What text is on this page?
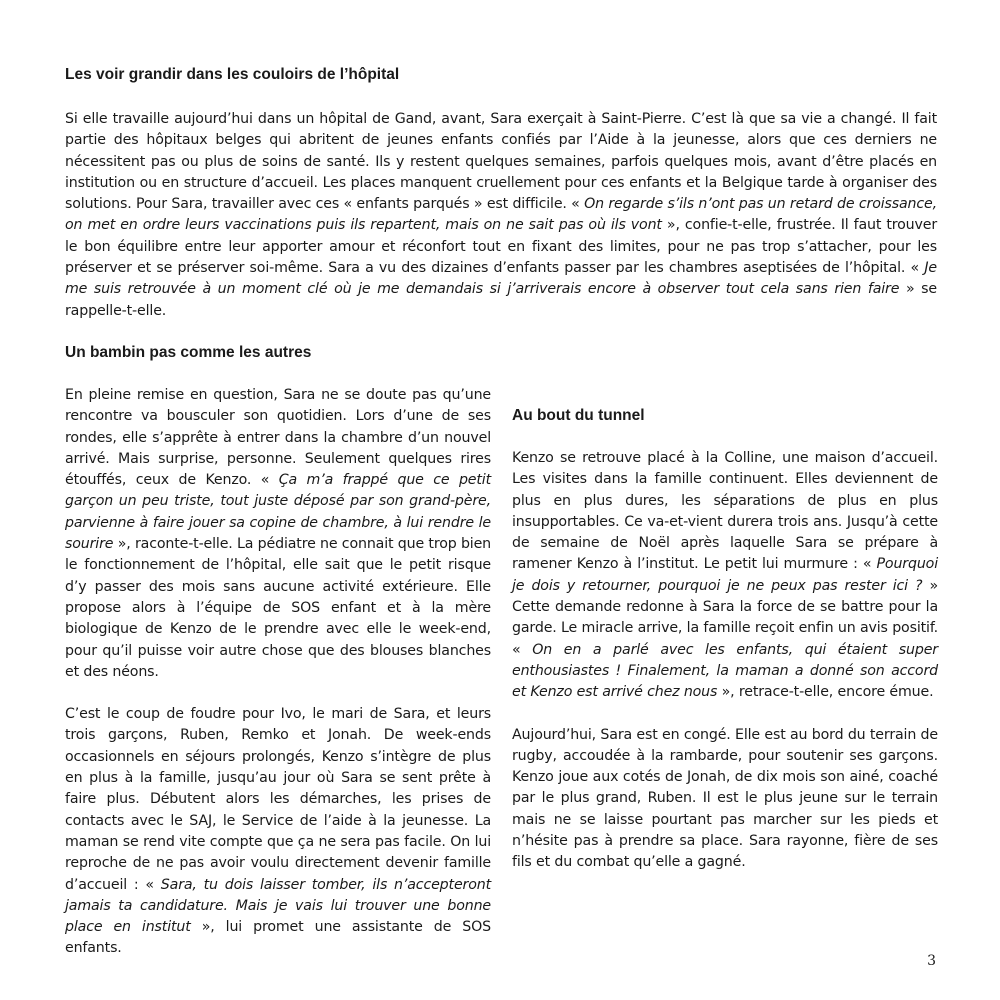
Les voir grandir dans les couloirs de l’hôpital

Si elle travaille aujourd’hui dans un hôpital de Gand, avant, Sara exerçait à Saint-Pierre. C’est là que sa vie a changé. Il fait partie des hôpitaux belges qui abritent de jeunes enfants confiés par l’Aide à la jeunesse, alors que ces derniers ne nécessitent pas ou plus de soins de santé. Ils y restent quelques semaines, parfois quelques mois, avant d’être placés en institution ou en structure d’accueil. Les places manquent cruellement pour ces enfants et la Belgique tarde à organiser des solutions. Pour Sara, travailler avec ces « enfants parqués » est difficile. « On regarde s’ils n’ont pas un retard de croissance, on met en ordre leurs vaccinations puis ils repartent, mais on ne sait pas où ils vont », confie-t-elle, frustrée. Il faut trouver le bon équilibre entre leur apporter amour et réconfort tout en fixant des limites, pour ne pas trop s’attacher, pour les préserver et se préserver soi-même. Sara a vu des dizaines d’enfants passer par les chambres aseptisées de l’hôpital. « Je me suis retrouvée à un moment clé où je me demandais si j’arriverais encore à observer tout cela sans rien faire » se rappelle-t-elle.

Un bambin pas comme les autres

En pleine remise en question, Sara ne se doute pas qu’une rencontre va bousculer son quotidien. Lors d’une de ses rondes, elle s’apprête à entrer dans la chambre d’un nouvel arrivé. Mais surprise, personne. Seulement quelques rires étouffés, ceux de Kenzo. « Ça m’a frappé que ce petit garçon un peu triste, tout juste déposé par son grand-père, parvienne à faire jouer sa copine de chambre, à lui rendre le sourire », raconte-t-elle. La pédiatre ne connait que trop bien le fonctionnement de l’hôpital, elle sait que le petit risque d’y passer des mois sans aucune activité extérieure. Elle propose alors à l’équipe de SOS enfant et à la mère biologique de Kenzo de le prendre avec elle le week-end, pour qu’il puisse voir autre chose que des blouses blanches et des néons.

C’est le coup de foudre pour Ivo, le mari de Sara, et leurs trois garçons, Ruben, Remko et Jonah. De week-ends occasionnels en séjours prolongés, Kenzo s’intègre de plus en plus à la famille, jusqu’au jour où Sara se sent prête à faire plus. Débutent alors les démarches, les prises de contacts avec le SAJ, le Service de l’aide à la jeunesse. La maman se rend vite compte que ça ne sera pas facile. On lui reproche de ne pas avoir voulu directement devenir famille d’accueil : « Sara, tu dois laisser tomber, ils n’accepteront jamais ta candidature. Mais je vais lui trouver une bonne place en institut », lui promet une assistante de SOS enfants.

Au bout du tunnel

Kenzo se retrouve placé à la Colline, une maison d’accueil. Les visites dans la famille continuent. Elles deviennent de plus en plus dures, les séparations de plus en plus insupportables. Ce va-et-vient durera trois ans. Jusqu’à cette de semaine de Noël après laquelle Sara se prépare à ramener Kenzo à l’institut. Le petit lui murmure : « Pourquoi je dois y retourner, pourquoi je ne peux pas rester ici ? » Cette demande redonne à Sara la force de se battre pour la garde. Le miracle arrive, la famille reçoit enfin un avis positif. « On en a parlé avec les enfants, qui étaient super enthousiastes ! Finalement, la maman a donné son accord et Kenzo est arrivé chez nous », retrace-t-elle, encore émue.

Aujourd’hui, Sara est en congé. Elle est au bord du terrain de rugby, accoudée à la rambarde, pour soutenir ses garçons. Kenzo joue aux cotés de Jonah, de dix mois son ainé, coaché par le plus grand, Ruben. Il est le plus jeune sur le terrain mais ne se laisse pourtant pas marcher sur les pieds et n’hésite pas à prendre sa place. Sara rayonne, fière de ses fils et du combat qu’elle a gagné.

3
